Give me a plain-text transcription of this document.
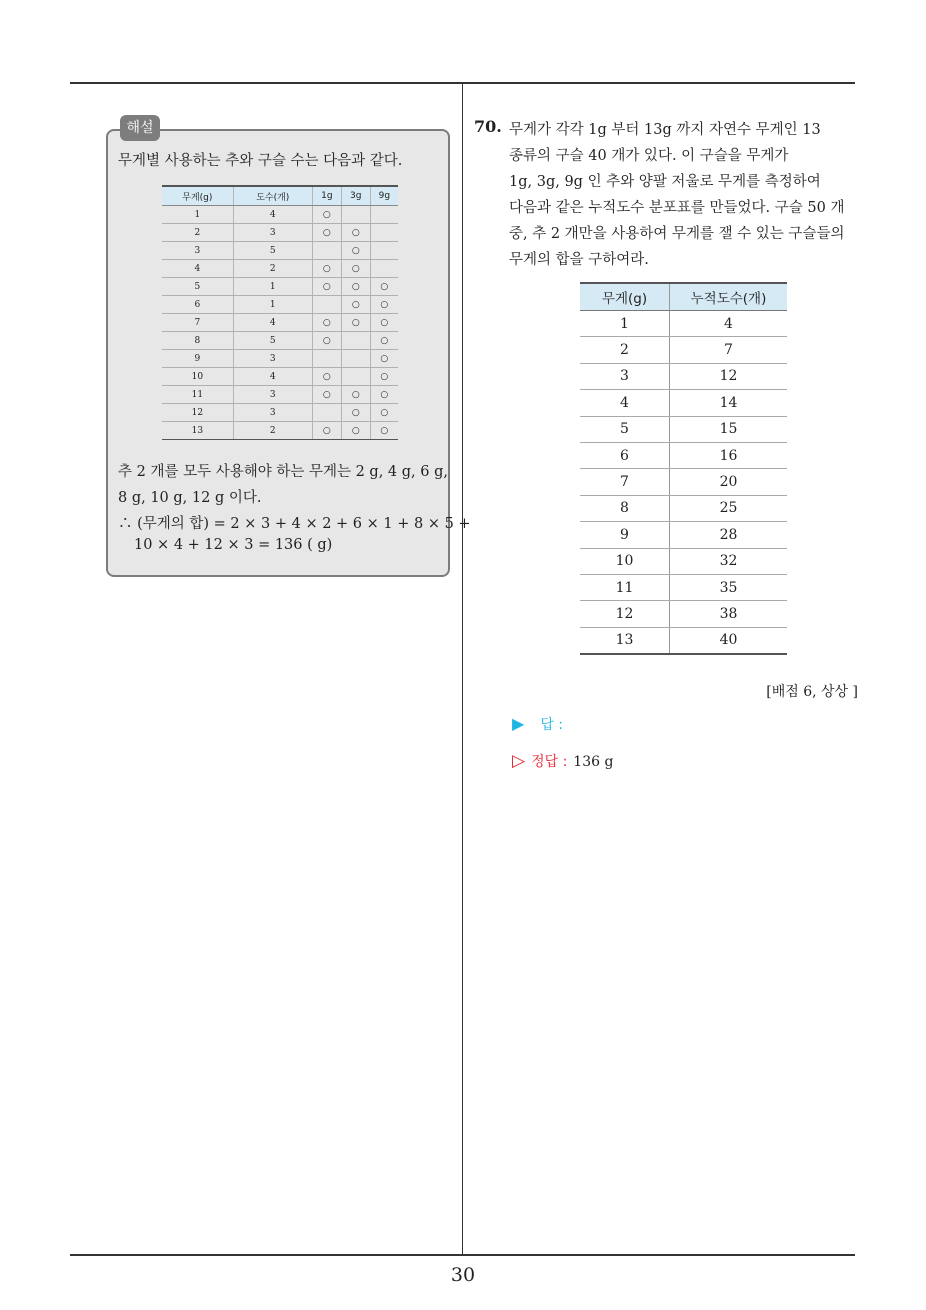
해설
무게별 사용하는 추와 구슬 수는 다음과 같다.
무게(g)	도수(개)	1g	3g	9g
1	4	○		
2	3	○	○	
3	5		○	
4	2	○	○	
5	1	○	○	○
6	1		○	○
7	4	○	○	○
8	5	○		○
9	3			○
10	4	○		○
11	3	○	○	○
12	3		○	○
13	2	○	○	○
추 2 개를 모두 사용해야 하는 무게는 2 g, 4 g, 6 g,
8 g, 10 g, 12 g 이다.
∴ (무게의 합) = 2 × 3 + 4 × 2 + 6 × 1 + 8 × 5 +
10 × 4 + 12 × 3 = 136 ( g)
70. 무게가 각각 1g 부터 13g 까지 자연수 무게인 13
종류의 구슬 40 개가 있다. 이 구슬을 무게가
1g, 3g, 9g 인 추와 양팔 저울로 무게를 측정하여
다음과 같은 누적도수 분포표를 만들었다. 구슬 50 개
중, 추 2 개만을 사용하여 무게를 잴 수 있는 구슬들의
무게의 합을 구하여라.
무게(g)	누적도수(개)
1	4
2	7
3	12
4	14
5	15
6	16
7	20
8	25
9	28
10	32
11	35
12	38
13	40
[배점 6, 상상 ]
▶ 답 :
▷ 정답 : 136 g
30
